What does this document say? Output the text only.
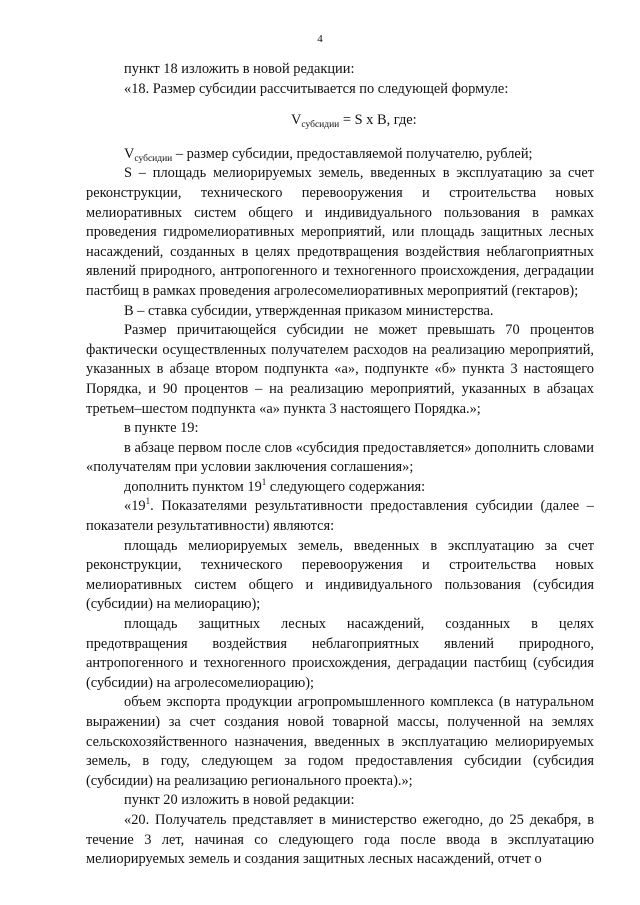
4

пункт 18 изложить в новой редакции:

«18. Размер субсидии рассчитывается по следующей формуле:

$V_{субсидии} = S$ x B, где:

$V_{субсидии}$ – размер субсидии, предоставляемой получателю, рублей;

S – площадь мелиорируемых земель, введенных в эксплуатацию за счет реконструкции, технического перевооружения и строительства новых мелиоративных систем общего и индивидуального пользования в рамках проведения гидромелиоративных мероприятий, или площадь защитных лесных насаждений, созданных в целях предотвращения воздействия неблагоприятных явлений природного, антропогенного и техногенного происхождения, деградации пастбищ в рамках проведения агролесомелиоративных мероприятий (гектаров);

В – ставка субсидии, утвержденная приказом министерства.

Размер причитающейся субсидии не может превышать 70 процентов фактически осуществленных получателем расходов на реализацию мероприятий, указанных в абзаце втором подпункта «а», подпункте «б» пункта 3 настоящего Порядка, и 90 процентов – на реализацию мероприятий, указанных в абзацах третьем–шестом подпункта «а» пункта 3 настоящего Порядка.»;

в пункте 19:

в абзаце первом после слов «субсидия предоставляется» дополнить словами «получателям при условии заключения соглашения»;

дополнить пунктом $19^1$ следующего содержания:

«$19^1$. Показателями результативности предоставления субсидии (далее – показатели результативности) являются:

площадь мелиорируемых земель, введенных в эксплуатацию за счет реконструкции, технического перевооружения и строительства новых мелиоративных систем общего и индивидуального пользования (субсидия (субсидии) на мелиорацию);

площадь защитных лесных насаждений, созданных в целях предотвращения воздействия неблагоприятных явлений природного, антропогенного и техногенного происхождения, деградации пастбищ (субсидия (субсидии) на агролесомелиорацию);

объем экспорта продукции агропромышленного комплекса (в натуральном выражении) за счет создания новой товарной массы, полученной на землях сельскохозяйственного назначения, введенных в эксплуатацию мелиорируемых земель, в году, следующем за годом предоставления субсидии (субсидия (субсидии) на реализацию регионального проекта).»;

пункт 20 изложить в новой редакции:

«20. Получатель представляет в министерство ежегодно, до 25 декабря, в течение 3 лет, начиная со следующего года после ввода в эксплуатацию мелиорируемых земель и создания защитных лесных насаждений, отчет о
